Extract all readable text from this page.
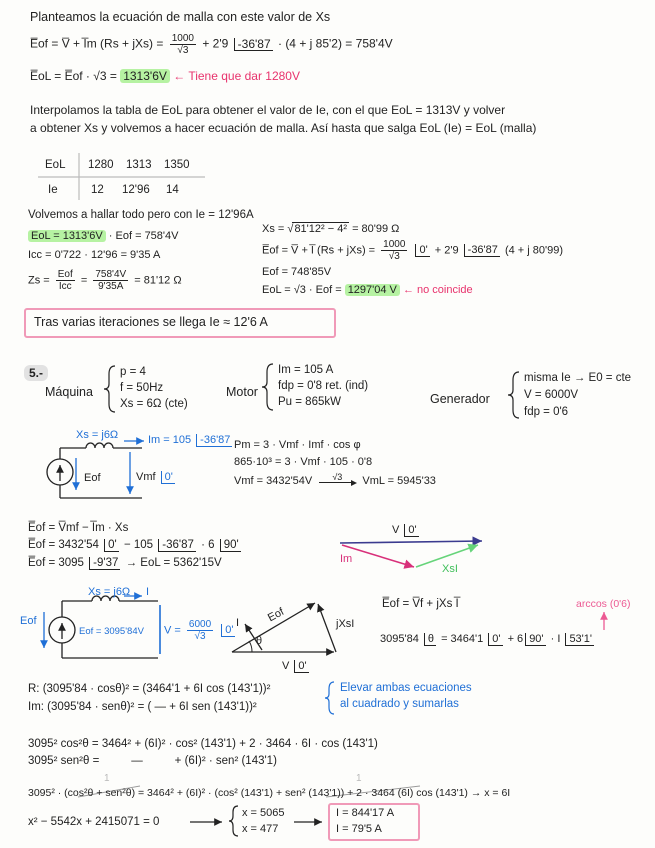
Planteamos la ecuación de malla con este valor de Xs
E̅of = V̅ + I̅m $(Rs + jXs) = \frac{1000}{√3} + 2'9$ -36'87 · (4 + j 85'2) = 758'4V
E̅oL = E̅of · √3 = 1313'6V ← Tiene que dar 1280V
Interpolamos la tabla de EoL para obtener el valor de Ie, con el que EoL = 1313V y volver
a obtener Xs y volvemos a hacer ecuación de malla. Así hasta que salga EoL (Ie) = EoL (malla)
EoL 1280 1313 1350
Ie	12 12'96 14
Volvemos a hallar todo pero con Ie = 12'96A
EoL = 1313'6V · Eof = 758'4V
Icc = 0'722 · 12'96 = 9'35 A
$Zs = \frac{\text{Eof}}{\text{Icc}} = \frac{758'4V}{9'35A} = 81'12$ Ω
Xs = √81'12² − 4² = 80'99 Ω
E̅of = V̅ + I̅ $(Rs + jXs) = \frac{1000}{√3} 0' + 2'9$ -36'87 (4 + j 80'99)
Eof = 748'85V
EoL = √3 · Eof = 1297'04 V ← no coincide
Tras varias iteraciones se llega Ie ≈ 12'6 A
5.-
Máquina
p = 4
f = 50Hz
Xs = 6Ω (cte)
Motor
Im = 105 A
fdp = 0'8 ret. (ind)
Pu = 865kW	Generador
misma Ie → E0 = cte
V = 6000V
fdp = 0'6
Xs = j6Ω	Im = 105 -36'87
Eof	Vmf 0'
Pm = 3 · Vmf · Imf · cos φ
865·10³ = 3 · Vmf · 105 · 0'8
Vmf = 3432'54V √3 VmL = 5945'33
E̅of = V̅mf − I̅m · Xs
E̅of = 3432'54 0' − 105 -36'87 · 6 90'
E̅of = 3095 -9'37 → EoL = 5362'15V
V 0'
Im
XsI
Eof
Xs = j6Ω I
Eof = 3095'84V $V = \frac{6000}{√3} 0'$
Eof
I
θ
jXsI
V 0'
E̅of = V̅f + jXs I̅	arccos (0'6)
3095'84 θ = 3464'1 0' + 6 90' · I 53'1'
R: (3095'84 · cosθ)² = (3464'1 + 6I cos (143'1))²
Im: (3095'84 · senθ)² = ( — + 6I sen (143'1))²
Elevar ambas ecuaciones
al cuadrado y sumarlas
3095² cos²θ = 3464² + (6I)² · cos² (143'1) + 2 · 3464 · 6I · cos (143'1)
3095² sen²θ =          —          + (6I)² · sen² (143'1)
1	1
3095² · (cos²θ + sen²θ) = 3464² + (6I)² · (cos² (143'1) + sen² (143'1)) + 2 · 3464 (6I) cos (143'1) → x = 6I
x² − 5542x + 2415071 = 0
x = 5065
x = 477
I = 844'17 A
I = 79'5 A
